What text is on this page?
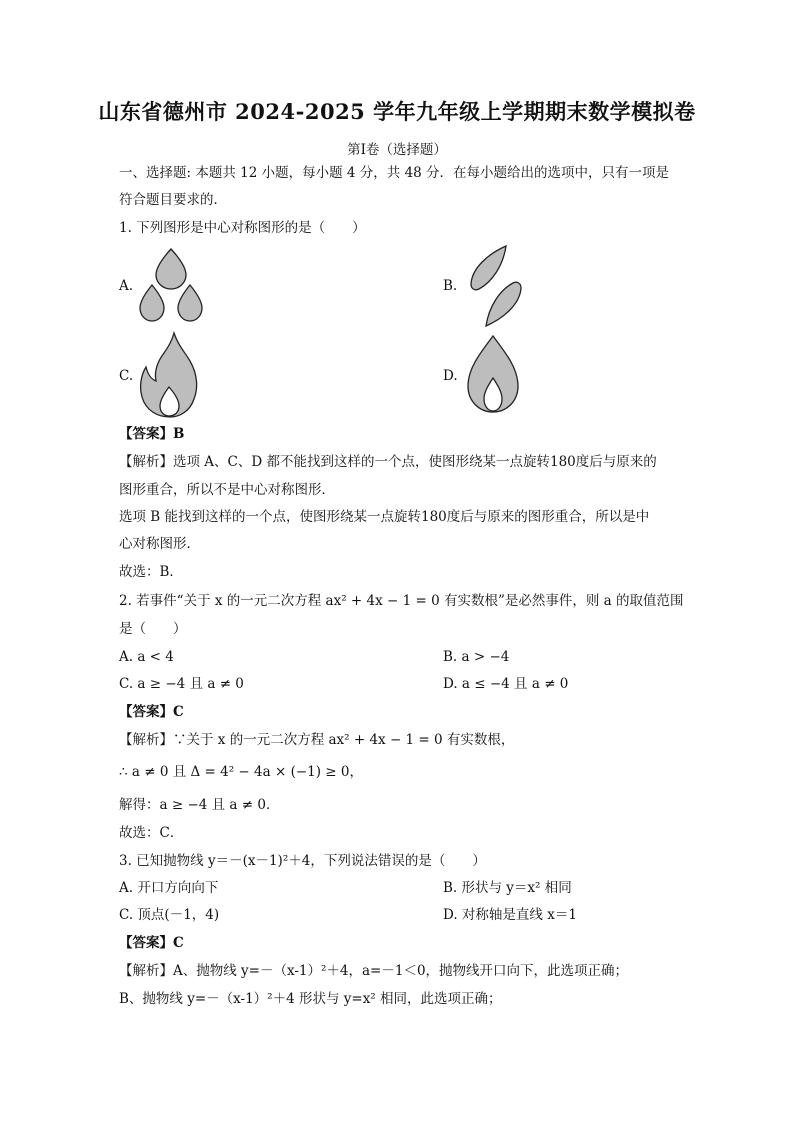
山东省德州市 2024-2025 学年九年级上学期期末数学模拟卷
第Ⅰ卷（选择题）
一、选择题: 本题共 12 小题，每小题 4 分，共 48 分．在每小题给出的选项中，只有一项是
符合题目要求的．
1. 下列图形是中心对称图形的是（　　）
A.	B.
C.	D.
【答案】B
【解析】选项 A、C、D 都不能找到这样的一个点，使图形绕某一点旋转180度后与原来的
图形重合，所以不是中心对称图形．
选项 B 能找到这样的一个点，使图形绕某一点旋转180度后与原来的图形重合，所以是中
心对称图形．
故选：B．
2. 若事件“关于 x 的一元二次方程 ax² + 4x − 1 = 0 有实数根”是必然事件，则 a 的取值范围
是（　　）
A. a < 4	B. a > −4
C. a ≥ −4 且 a ≠ 0	D. a ≤ −4 且 a ≠ 0
【答案】C
【解析】∵关于 x 的一元二次方程 ax² + 4x − 1 = 0 有实数根，
∴ a ≠ 0 且 Δ = 4² − 4a × (−1) ≥ 0，
解得：a ≥ −4 且 a ≠ 0．
故选：C．
3. 已知抛物线 y＝－(x－1)²＋4，下列说法错误的是（　　）
A. 开口方向向下	B. 形状与 y＝x² 相同
C. 顶点(－1，4)	D. 对称轴是直线 x＝1
【答案】C
【解析】A、抛物线 y=－（x-1）²＋4，a=－1＜0，抛物线开口向下，此选项正确；
B、抛物线 y=－（x-1）²＋4 形状与 y=x² 相同，此选项正确；
